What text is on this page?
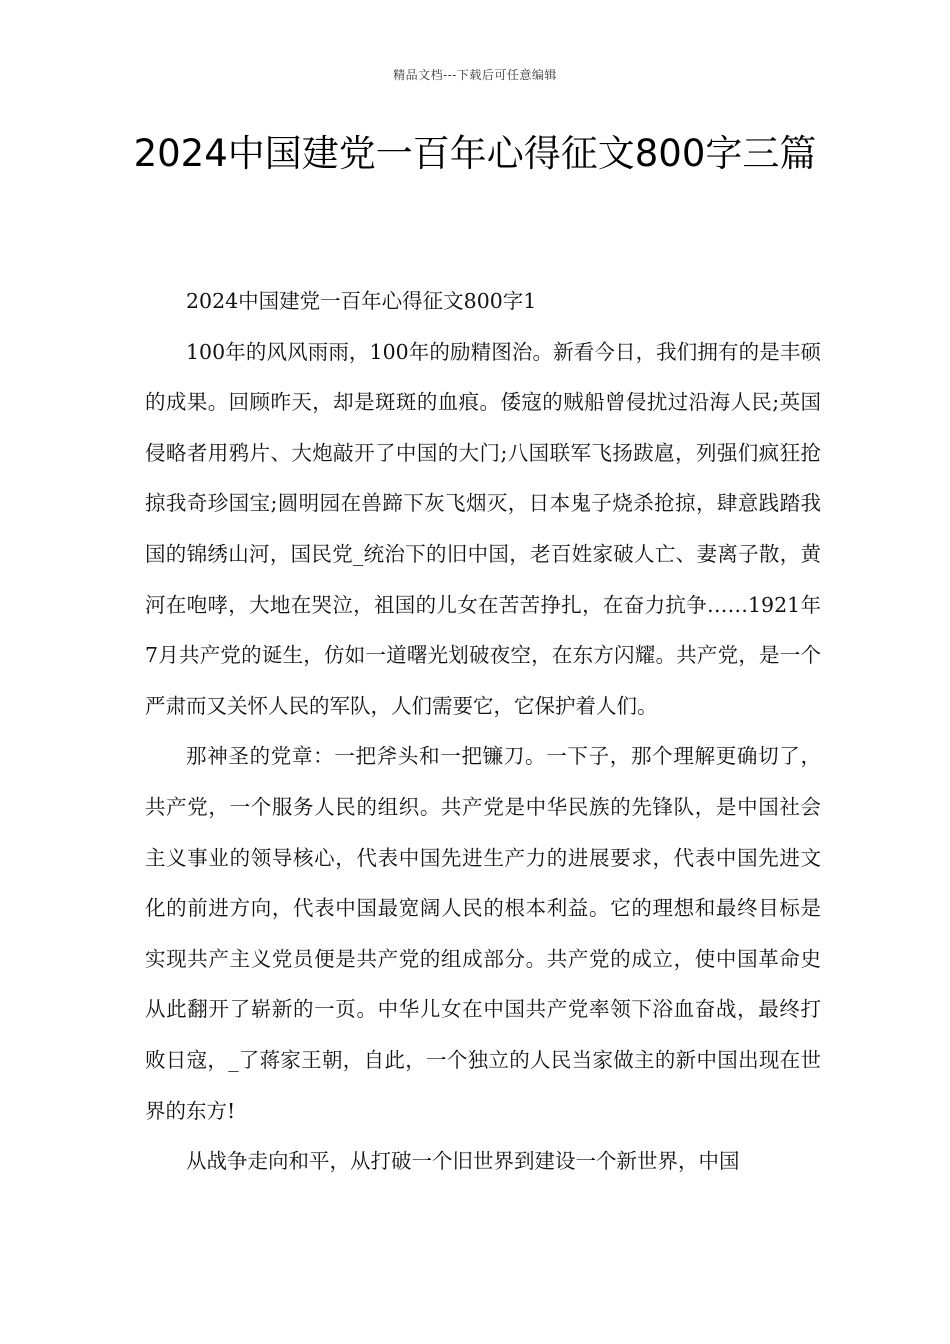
精品文档---下载后可任意编辑
2024中国建党一百年心得征文800字三篇

2024中国建党一百年心得征文800字1

100年的风风雨雨，100年的励精图治。新看今日，我们拥有的是丰硕的成果。回顾昨天，却是斑斑的血痕。倭寇的贼船曾侵扰过沿海人民;英国侵略者用鸦片、大炮敲开了中国的大门;八国联军飞扬跋扈，列强们疯狂抢掠我奇珍国宝;圆明园在兽蹄下灰飞烟灭，日本鬼子烧杀抢掠，肆意践踏我国的锦绣山河，国民党_统治下的旧中国，老百姓家破人亡、妻离子散，黄河在咆哮，大地在哭泣，祖国的儿女在苦苦挣扎，在奋力抗争……1921年7月共产党的诞生，仿如一道曙光划破夜空，在东方闪耀。共产党，是一个严肃而又关怀人民的军队，人们需要它，它保护着人们。

那神圣的党章：一把斧头和一把镰刀。一下子，那个理解更确切了，共产党，一个服务人民的组织。共产党是中华民族的先锋队，是中国社会主义事业的领导核心，代表中国先进生产力的进展要求，代表中国先进文化的前进方向，代表中国最宽阔人民的根本利益。它的理想和最终目标是实现共产主义党员便是共产党的组成部分。共产党的成立，使中国革命史从此翻开了崭新的一页。中华儿女在中国共产党率领下浴血奋战，最终打败日寇，_了蒋家王朝，自此，一个独立的人民当家做主的新中国出现在世界的东方!

从战争走向和平，从打破一个旧世界到建设一个新世界，中国
